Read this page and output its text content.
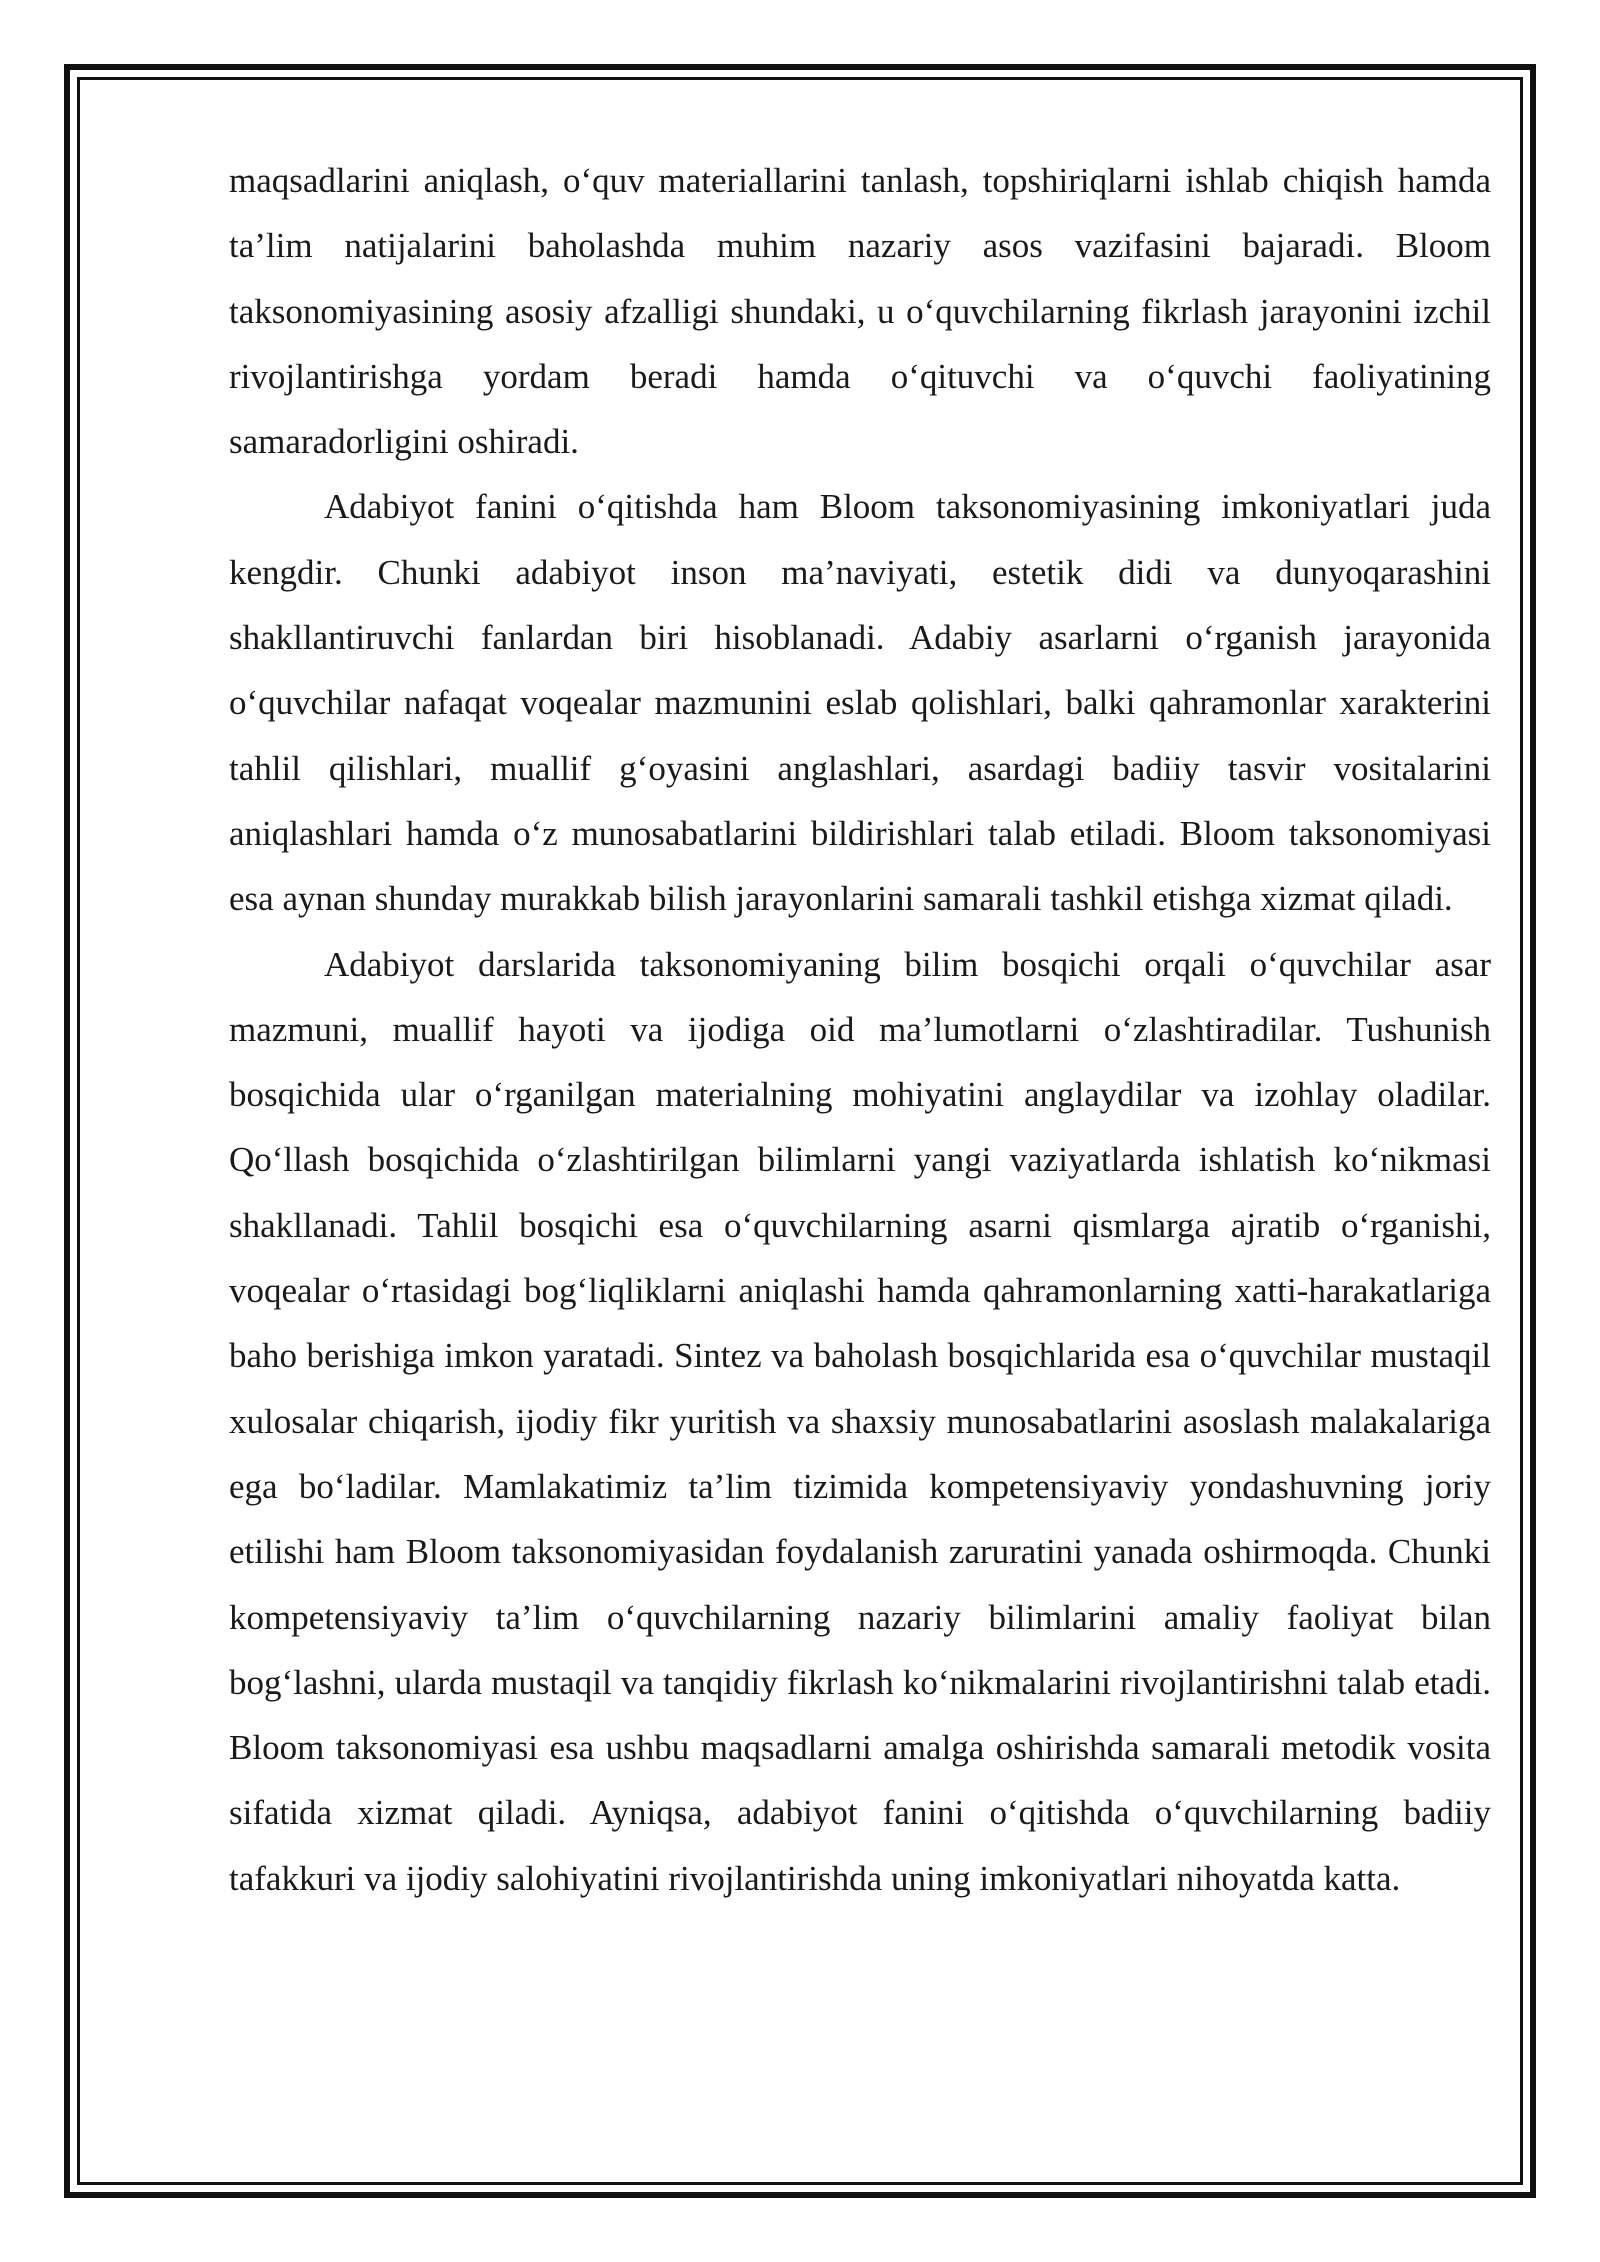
maqsadlarini aniqlash, o‘quv materiallarini tanlash, topshiriqlarni ishlab chiqish hamda ta’lim natijalarini baholashda muhim nazariy asos vazifasini bajaradi. Bloom taksonomiyasining asosiy afzalligi shundaki, u o‘quvchilarning fikrlash jarayonini izchil rivojlantirishga yordam beradi hamda o‘qituvchi va o‘quvchi faoliyatining samaradorligini oshiradi.

Adabiyot fanini o‘qitishda ham Bloom taksonomiyasining imkoniyatlari juda kengdir. Chunki adabiyot inson ma’naviyati, estetik didi va dunyoqarashini shakllantiruvchi fanlardan biri hisoblanadi. Adabiy asarlarni o‘rganish jarayonida o‘quvchilar nafaqat voqealar mazmunini eslab qolishlari, balki qahramonlar xarakterini tahlil qilishlari, muallif g‘oyasini anglashlari, asardagi badiiy tasvir vositalarini aniqlashlari hamda o‘z munosabatlarini bildirishlari talab etiladi. Bloom taksonomiyasi esa aynan shunday murakkab bilish jarayonlarini samarali tashkil etishga xizmat qiladi.

Adabiyot darslarida taksonomiyaning bilim bosqichi orqali o‘quvchilar asar mazmuni, muallif hayoti va ijodiga oid ma’lumotlarni o‘zlashtiradilar. Tushunish bosqichida ular o‘rganilgan materialning mohiyatini anglaydilar va izohlay oladilar. Qo‘llash bosqichida o‘zlashtirilgan bilimlarni yangi vaziyatlarda ishlatish ko‘nikmasi shakllanadi. Tahlil bosqichi esa o‘quvchilarning asarni qismlarga ajratib o‘rganishi, voqealar o‘rtasidagi bog‘liqliklarni aniqlashi hamda qahramonlarning xatti-harakatlariga baho berishiga imkon yaratadi. Sintez va baholash bosqichlarida esa o‘quvchilar mustaqil xulosalar chiqarish, ijodiy fikr yuritish va shaxsiy munosabatlarini asoslash malakalariga ega bo‘ladilar. Mamlakatimiz ta’lim tizimida kompetensiyaviy yondashuvning joriy etilishi ham Bloom taksonomiyasidan foydalanish zaruratini yanada oshirmoqda. Chunki kompetensiyaviy ta’lim o‘quvchilarning nazariy bilimlarini amaliy faoliyat bilan bog‘lashni, ularda mustaqil va tanqidiy fikrlash ko‘nikmalarini rivojlantirishni talab etadi. Bloom taksonomiyasi esa ushbu maqsadlarni amalga oshirishda samarali metodik vosita sifatida xizmat qiladi. Ayniqsa, adabiyot fanini o‘qitishda o‘quvchilarning badiiy tafakkuri va ijodiy salohiyatini rivojlantirishda uning imkoniyatlari nihoyatda katta.
